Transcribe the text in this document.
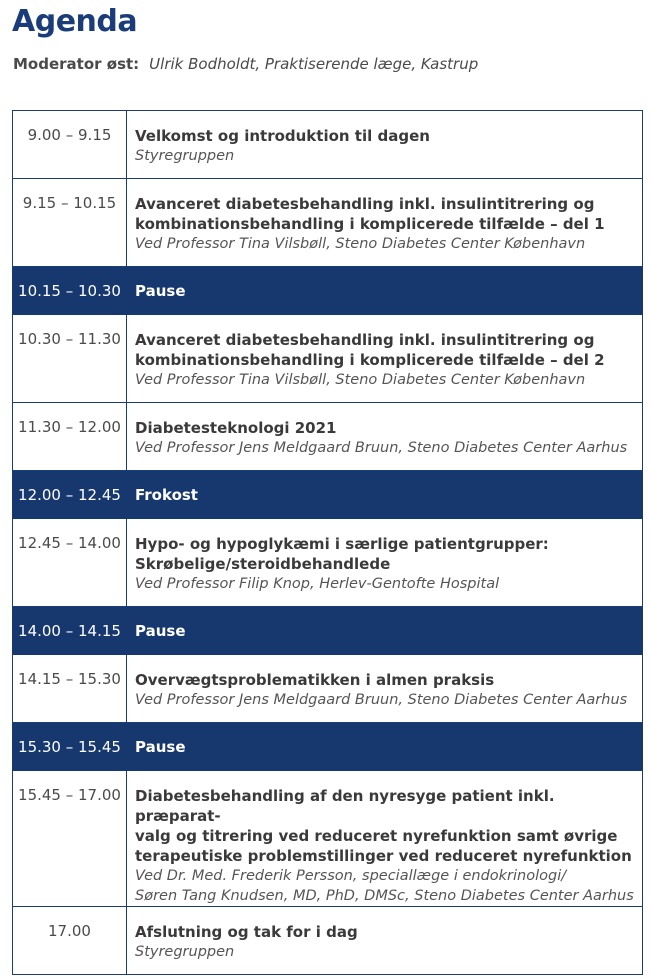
Agenda
Moderator øst: Ulrik Bodholdt, Praktiserende læge, Kastrup
9.00 – 9.15	Velkomst og introduktion til dagen
Styregruppen

9.15 – 10.15	Avanceret diabetesbehandling inkl. insulintitrering og
kombinationsbehandling i komplicerede tilfælde – del 1
Ved Professor Tina Vilsbøll, Steno Diabetes Center København

10.15 – 10.30	Pause

10.30 – 11.30	Avanceret diabetesbehandling inkl. insulintitrering og
kombinationsbehandling i komplicerede tilfælde – del 2
Ved Professor Tina Vilsbøll, Steno Diabetes Center København

11.30 – 12.00	Diabetesteknologi 2021
Ved Professor Jens Meldgaard Bruun, Steno Diabetes Center Aarhus

12.00 – 12.45	Frokost

12.45 – 14.00	Hypo- og hypoglykæmi i særlige patientgrupper:
Skrøbelige/steroidbehandlede
Ved Professor Filip Knop, Herlev-Gentofte Hospital

14.00 – 14.15	Pause

14.15 – 15.30	Overvægtsproblematikken i almen praksis
Ved Professor Jens Meldgaard Bruun, Steno Diabetes Center Aarhus

15.30 – 15.45	Pause

15.45 – 17.00	Diabetesbehandling af den nyresyge patient inkl. præparat-
valg og titrering ved reduceret nyrefunktion samt øvrige
terapeutiske problemstillinger ved reduceret nyrefunktion
Ved Dr. Med. Frederik Persson, speciallæge i endokrinologi/
Søren Tang Knudsen, MD, PhD, DMSc, Steno Diabetes Center Aarhus

17.00	Afslutning og tak for i dag
Styregruppen
